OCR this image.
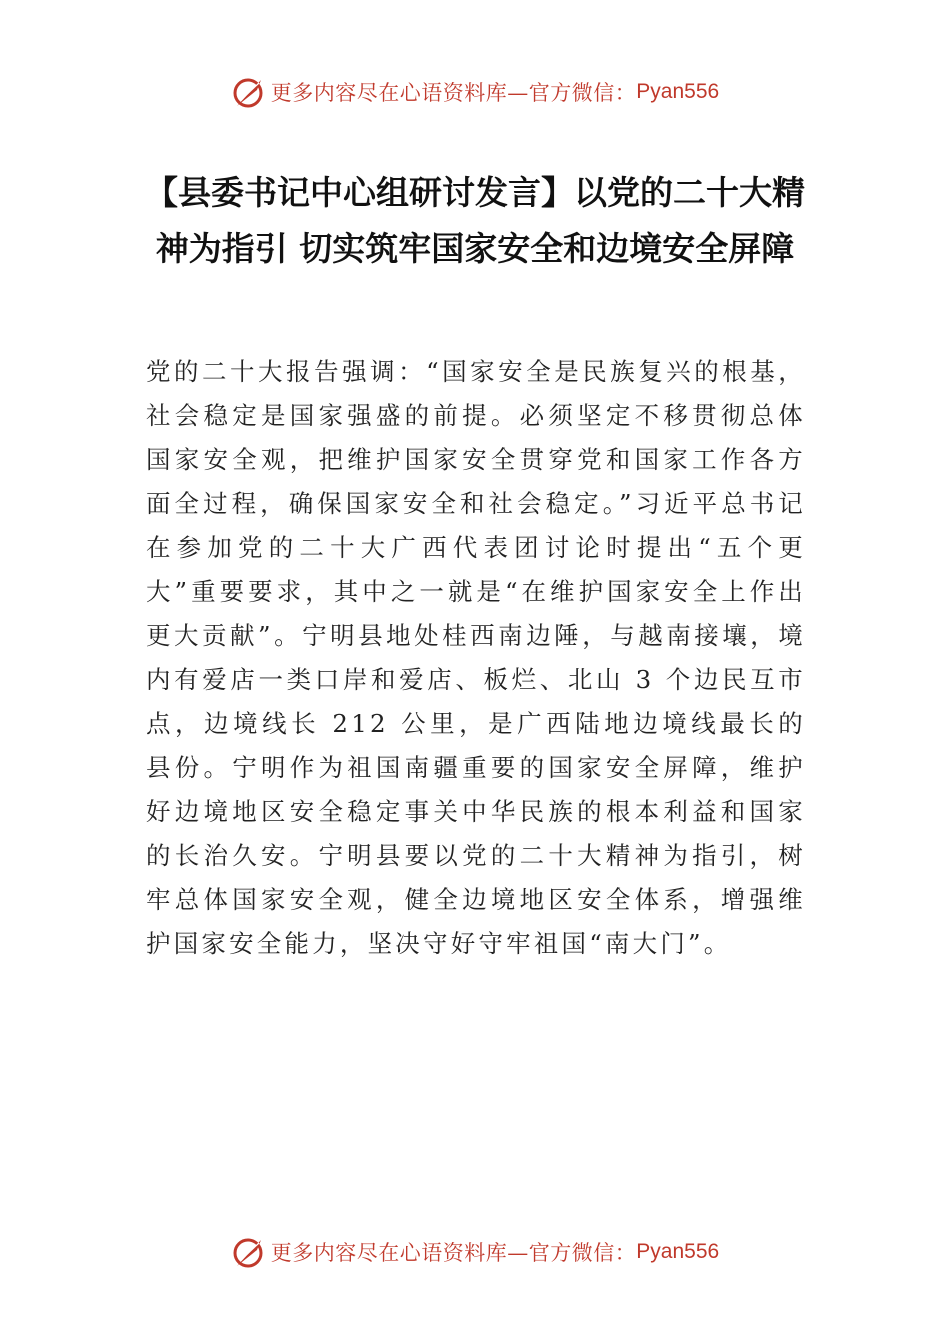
更多内容尽在心语资料库—官方微信： Pyan556
【县委书记中心组研讨发言】以党的二十大精神为指引 切实筑牢国家安全和边境安全屏障
党的二十大报告强调：“国家安全是民族复兴的根基，社会稳定是国家强盛的前提。必须坚定不移贯彻总体国家安全观，把维护国家安全贯穿党和国家工作各方面全过程，确保国家安全和社会稳定。”习近平总书记在参加党的二十大广西代表团讨论时提出“五个更大”重要要求，其中之一就是“在维护国家安全上作出更大贡献”。宁明县地处桂西南边陲，与越南接壤，境内有爱店一类口岸和爱店、板烂、北山 3 个边民互市点，边境线长 212 公里，是广西陆地边境线最长的县份。宁明作为祖国南疆重要的国家安全屏障，维护好边境地区安全稳定事关中华民族的根本利益和国家的长治久安。宁明县要以党的二十大精神为指引，树牢总体国家安全观，健全边境地区安全体系，增强维护国家安全能力，坚决守好守牢祖国“南大门”。
更多内容尽在心语资料库—官方微信： Pyan556
